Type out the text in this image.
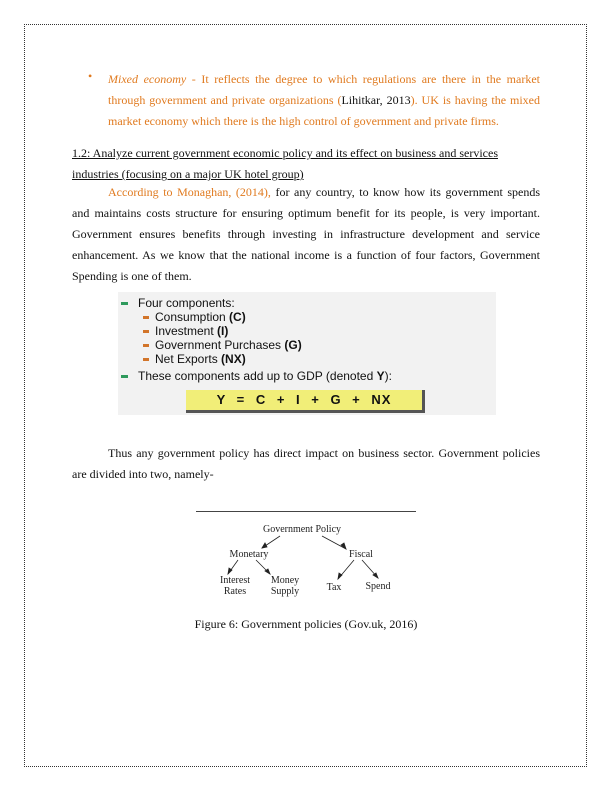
• Mixed economy - It reflects the degree to which regulations are there in the market through government and private organizations (Lihitkar, 2013). UK is having the mixed market economy which there is the high control of government and private firms.
1.2: Analyze current government economic policy and its effect on business and services industries (focusing on a major UK hotel group)
According to Monaghan, (2014), for any country, to know how its government spends and maintains costs structure for ensuring optimum benefit for its people, is very important. Government ensures benefits through investing in infrastructure development and service enhancement. As we know that the national income is a function of four factors, Government Spending is one of them.
Four components:
Consumption (C)
Investment (I)
Government Purchases (G)
Net Exports (NX)
These components add up to GDP (denoted Y):
Y = C + I + G + NX
Thus any government policy has direct impact on business sector. Government policies are divided into two, namely-
Government Policy
Monetary	Fiscal
Interest
Rates
Money
Supply	Tax	Spend
Figure 6: Government policies (Gov.uk, 2016)
